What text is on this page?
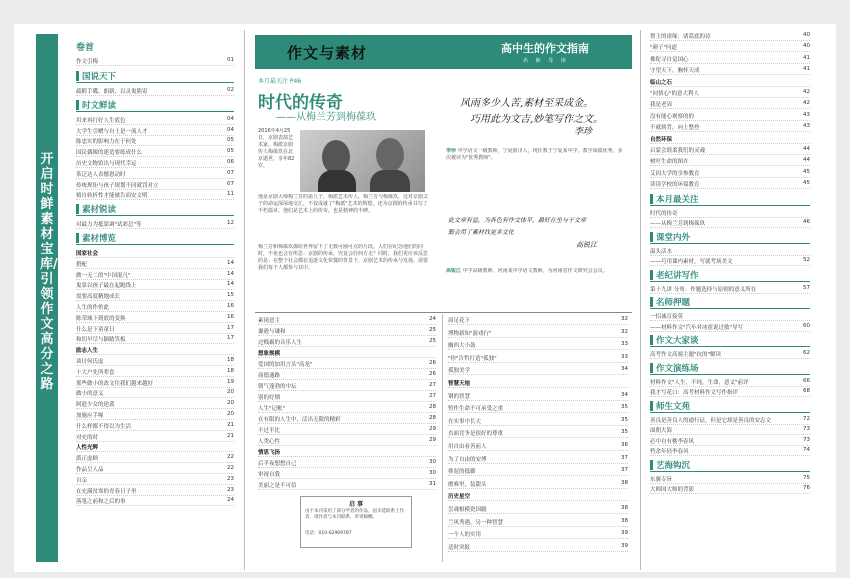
开启时鲜素材宝库/引领作文高分之路
卷首
作文引梅	01
国说天下
疏附手碟、朗新、以灵鬼熊寄	02
时文鲜读
用来再打好人生底色	04
大学生引赠与自土是一流人才	04
陈忠实的影响力在于何处	05
国民偶像的建造要练成什么	05
历史文物馆出与现代幸运	06
茶泛达人表憾恩动时	07
传统规矩与孩子规划不同就罚对立	07
倘自转折性才能被告而安文明	11
素材锐读
对最力为抵靠调"试彩总"等	12
素材博览
国家社会
搭配	14
做一无二的"中国混凡"	14
鬼靠以孩子最在起跑线上	14
需要高度精地成长	15
人生的作价此	16
陈荣城下到底的变换	16
什么是下童童日	17
和切早尽与颖踏笑板	17
励志人生
谈讨何氏虚	18
十大户先所辈套	18
那些做小的改文往我们越来越好	19
做小的意义	20
阿趁少女的逆袭	20
加施应手啄	20
什么样都不得以为生活	21
对充的时	21
人性光辉
派正虚顾	22
作品呈人品	22
自亲	23
在充满贫寒的青春日子里	23
落笔之前和之后的事	24
作文与素材	高中生的作文指南
名 师 导 读
本月最关注 P46
时代的传奇
——从梅兰芳到梅葆玖
2016年4月25日，京剧表演艺术家、梅派京剧传人梅葆玖在北京逝世，享年82岁。
他是京剧大师梅兰芳的第九子，梅派艺术传人。梅兰芳与梅葆玖，这对京剧父子的命运深深地交汇，不仅成就了"梅派"艺术的辉煌，还为京剧的传承书写了不朽篇章。他们是艺术上的传奇，也是精神的丰碑。
梅兰芳和梅葆玖都给世界留下了无数可圈可点的片段。人们在纪念他们的同时，不免也会有所思：京剧的传承，究竟会往何方走？同时，我们更应该反思的是：在整个社会都在追逐文化快餐的背景下，京剧艺术的传承与发扬，需要我们每个人都参与其中。
风雨多少人苦,素材至采成金。
巧用此为文吉,妙笔写作之文。
李珍
李珍 中学语文一级教师，宁夏银川人，现任教于宁夏某中学，教学成绩优秀。多次被评为"优秀教师"。
此文章有益，为各色有作文体平，最好在坐与于文章
勤会用了素材找更多文化
高锐江
高锐江 中学高级教师，河南某中学语文教师，为河南省作文研究会会员。
素岗意主	24
谦逊与谦和	25
过贱霸的音乐人生	25
想象规模
爱国的加用言头"高龙"	26
商德通路	26
朝气蓬勃的中坛	27
别的好烟	27
人生"记帐"	28
在有限的人生中，活出无限的精彩	28
不过半比	29
人类心性	29
情思飞扬
后半夜想想自己	30
审视自我	30
美丽之是不可信	31
商足花下	32
博物新知"游戏行"	32
幽西大小鼓	33
"你"告哲打造"孤独"	33
孤独美学	34
智慧天地
钢的智慧	34
暂作生命不可承受之重	35
在实事中长大	35
直面竞争是很好的尊重	35
用自由看善前人	36
为了自由的安博	37
排泥的抵御	37
磨难里，装甜头	38
历史星空
尝魂根模瓷国疆	38
兰风秀遇，另一种智慧	38
一个人的实用	39
适时突报	39
启 事
由于本刊采用了部分学者的作品，因未能联系上作者，请作者与本刊联系，奉寄稿酬。
电话：010-62969787
帮主的诸缘：诸葛底的诗	40
"颜子"问道	40
佛陀寻自觉国心	41
守望天下，胸怀天成	41
临山之石
"同情心"的意大利人	42
我是老周	42
没有能心观察的的	43
不就到背，向上整登	43
自然环保
启蒙会谐柔我们的灵魂	44
树叶生命的图卉	44
艾因大学的享参教育	45
读读学校的环保教育	45
本月最关注
时代的传奇
——从梅兰芳到梅葆玖	46
课堂内外
温头活水
——巧用课内素材，写就考场美文	52
老纪讲写作
第十九讲 分角：作题选择与原则的意义所在	57
名师押题
一招诚育接莫
——材料作文"汽车对冰雹说过敏"导写	60
作文大家谈
高考作文高端主题"抗的"解读	62
作文演练场
材料作文"人生，不纯，生命，意义"前评	66
我才写花口：高考材料作文写作指评	68
师生文苑
善良是善良人的通行证，但是它却是善良的安志文	72
面朝大海	73
必中自有桃李春风	73
档余年轻李春风	74
艺海钩沉
东翼专旨	75
大师国大师的背影	76
